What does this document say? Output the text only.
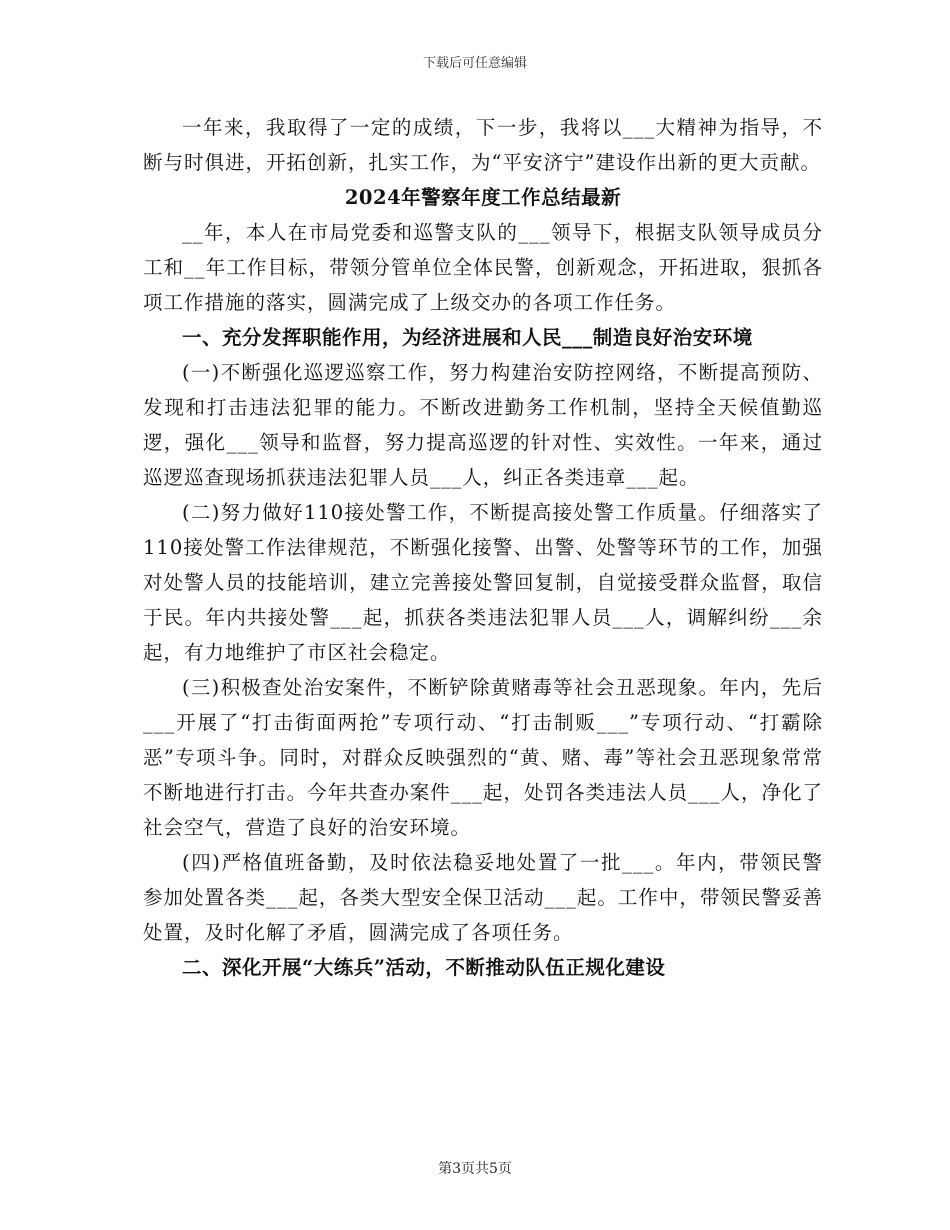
下载后可任意编辑

一年来，我取得了一定的成绩，下一步，我将以___大精神为指导，不断与时俱进，开拓创新，扎实工作，为“平安济宁”建设作出新的更大贡献。

2024年警察年度工作总结最新

__年，本人在市局党委和巡警支队的___领导下，根据支队领导成员分工和__年工作目标，带领分管单位全体民警，创新观念，开拓进取，狠抓各项工作措施的落实，圆满完成了上级交办的各项工作任务。

一、充分发挥职能作用，为经济进展和人民___制造良好治安环境

(一)不断强化巡逻巡察工作，努力构建治安防控网络，不断提高预防、发现和打击违法犯罪的能力。不断改进勤务工作机制，坚持全天候值勤巡逻，强化___领导和监督，努力提高巡逻的针对性、实效性。一年来，通过巡逻巡查现场抓获违法犯罪人员___人，纠正各类违章___起。

(二)努力做好110接处警工作，不断提高接处警工作质量。仔细落实了110接处警工作法律规范，不断强化接警、出警、处警等环节的工作，加强对处警人员的技能培训，建立完善接处警回复制，自觉接受群众监督，取信于民。年内共接处警___起，抓获各类违法犯罪人员___人，调解纠纷___余起，有力地维护了市区社会稳定。

(三)积极查处治安案件，不断铲除黄赌毒等社会丑恶现象。年内，先后___开展了“打击街面两抢”专项行动、“打击制贩___”专项行动、“打霸除恶”专项斗争。同时，对群众反映强烈的“黄、赌、毒”等社会丑恶现象常常不断地进行打击。今年共查办案件___起，处罚各类违法人员___人，净化了社会空气，营造了良好的治安环境。

(四)严格值班备勤，及时依法稳妥地处置了一批___。年内，带领民警参加处置各类___起，各类大型安全保卫活动___起。工作中，带领民警妥善处置，及时化解了矛盾，圆满完成了各项任务。

二、深化开展“大练兵”活动，不断推动队伍正规化建设

第3页共5页
